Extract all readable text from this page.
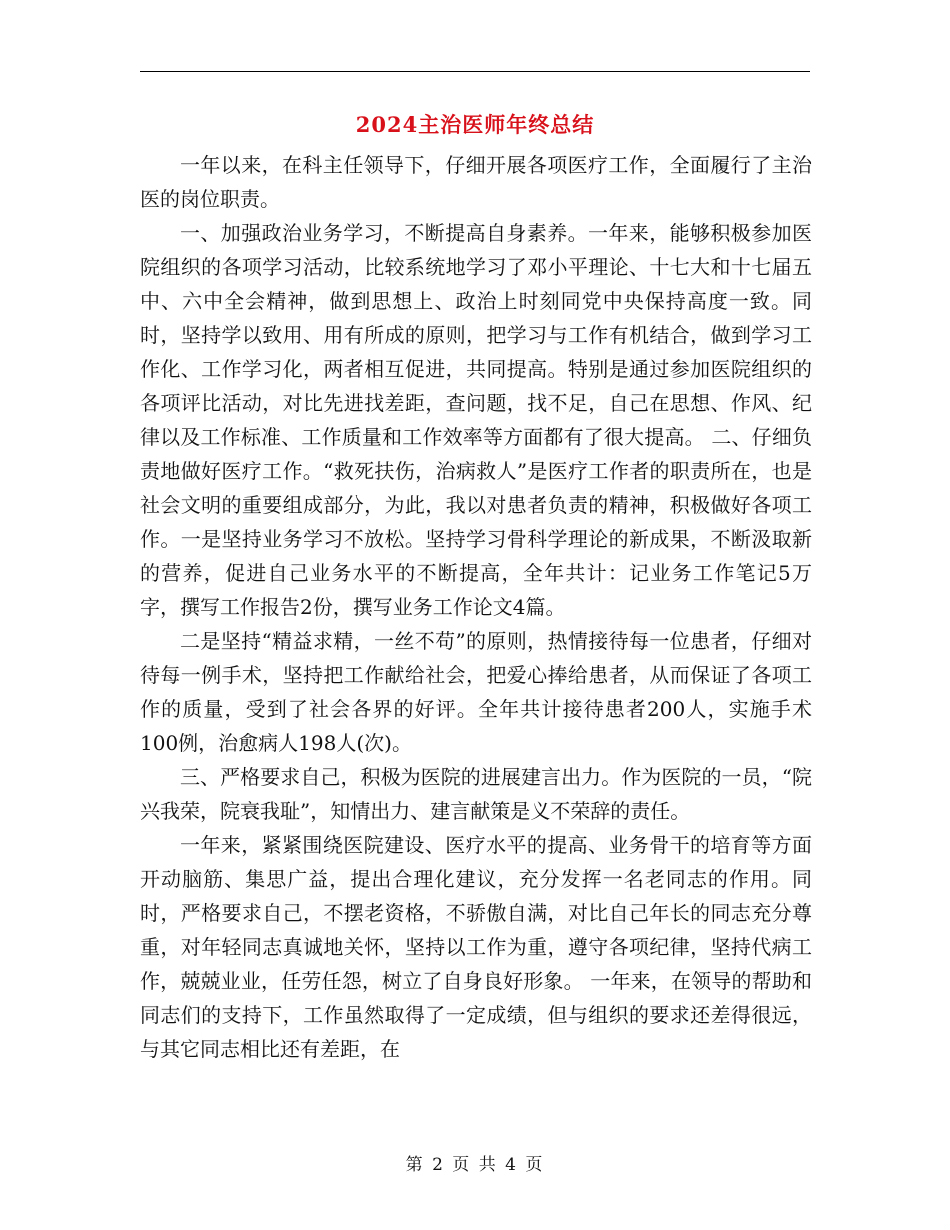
2024主治医师年终总结

一年以来，在科主任领导下，仔细开展各项医疗工作，全面履行了主治医的岗位职责。

一、加强政治业务学习，不断提高自身素养。一年来，能够积极参加医院组织的各项学习活动，比较系统地学习了邓小平理论、十七大和十七届五中、六中全会精神，做到思想上、政治上时刻同党中央保持高度一致。同时，坚持学以致用、用有所成的原则，把学习与工作有机结合，做到学习工作化、工作学习化，两者相互促进，共同提高。特别是通过参加医院组织的各项评比活动，对比先进找差距，查问题，找不足，自己在思想、作风、纪律以及工作标准、工作质量和工作效率等方面都有了很大提高。 二、仔细负责地做好医疗工作。“救死扶伤，治病救人”是医疗工作者的职责所在，也是社会文明的重要组成部分，为此，我以对患者负责的精神，积极做好各项工作。一是坚持业务学习不放松。坚持学习骨科学理论的新成果，不断汲取新的营养，促进自己业务水平的不断提高，全年共计：记业务工作笔记5万字，撰写工作报告2份，撰写业务工作论文4篇。

二是坚持“精益求精，一丝不苟”的原则，热情接待每一位患者，仔细对待每一例手术，坚持把工作献给社会，把爱心捧给患者，从而保证了各项工作的质量，受到了社会各界的好评。全年共计接待患者200人，实施手术100例，治愈病人198人(次)。

三、严格要求自己，积极为医院的进展建言出力。作为医院的一员，“院兴我荣，院衰我耻”，知情出力、建言献策是义不荣辞的责任。

一年来，紧紧围绕医院建设、医疗水平的提高、业务骨干的培育等方面开动脑筋、集思广益，提出合理化建议，充分发挥一名老同志的作用。同时，严格要求自己，不摆老资格，不骄傲自满，对比自己年长的同志充分尊重，对年轻同志真诚地关怀，坚持以工作为重，遵守各项纪律，坚持代病工作，兢兢业业，任劳任怨，树立了自身良好形象。 一年来，在领导的帮助和同志们的支持下，工作虽然取得了一定成绩，但与组织的要求还差得很远，与其它同志相比还有差距，在

第 2 页 共 4 页
